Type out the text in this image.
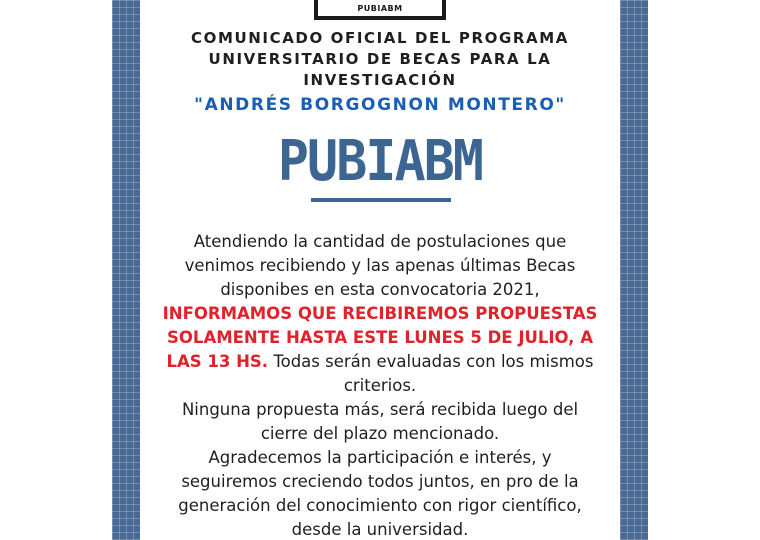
PUBIABM
COMUNICADO OFICIAL DEL PROGRAMA
UNIVERSITARIO DE BECAS PARA LA
INVESTIGACIÓN
"ANDRÉS BORGOGNON MONTERO"
PUBIABM
Atendiendo la cantidad de postulaciones que
venimos recibiendo y las apenas últimas Becas
disponibes en esta convocatoria 2021,
INFORMAMOS QUE RECIBIREMOS PROPUESTAS
SOLAMENTE HASTA ESTE LUNES 5 DE JULIO, A
LAS 13 HS. Todas serán evaluadas con los mismos
criterios.
Ninguna propuesta más, será recibida luego del
cierre del plazo mencionado.
Agradecemos la participación e interés, y
seguiremos creciendo todos juntos, en pro de la
generación del conocimiento con rigor científico,
desde la universidad.
